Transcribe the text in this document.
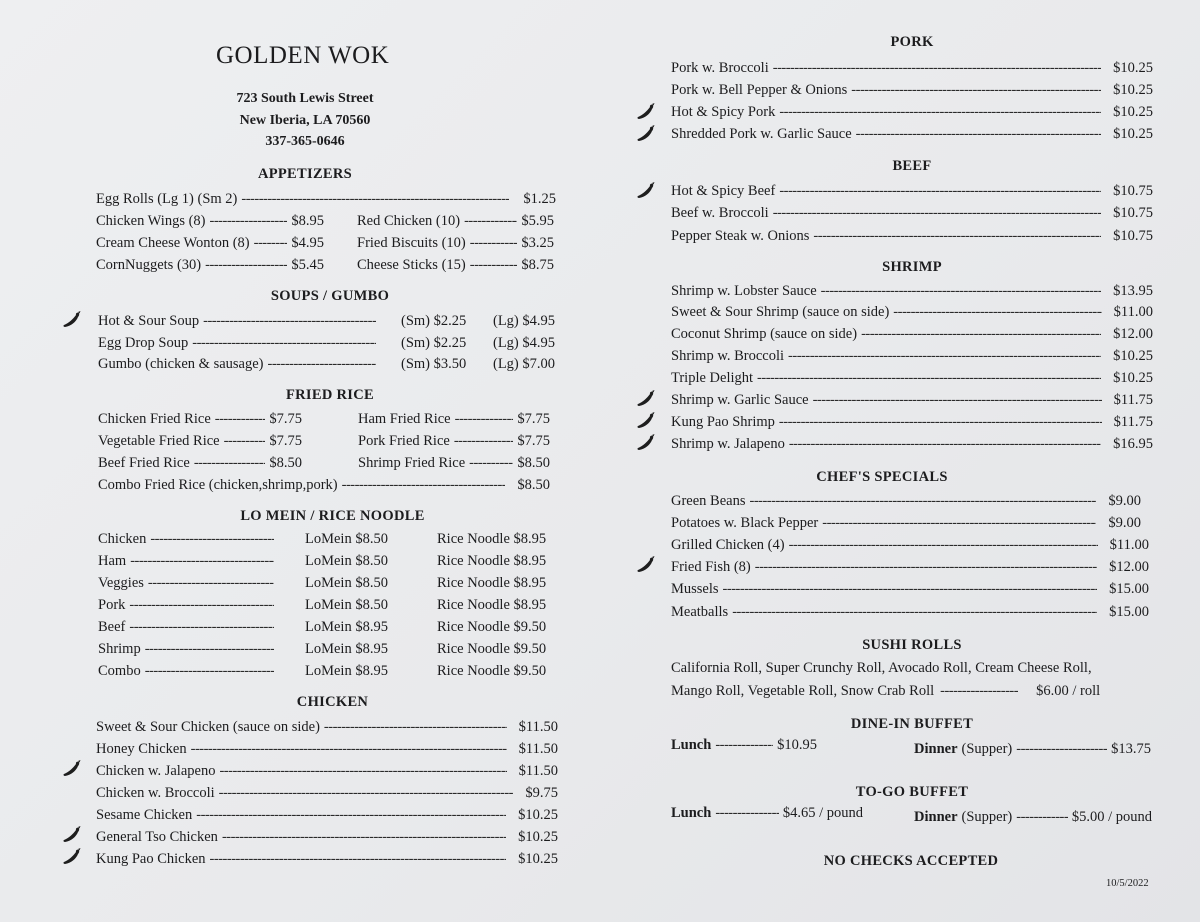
GOLDEN WOK
723 South Lewis Street
New Iberia, LA 70560
337-365-0646
APPETIZERS
Egg Rolls (Lg 1) (Sm 2) -----	$1.25
Chicken Wings (8) -----	$8.95 Red Chicken (10) -----	$5.95
Cream Cheese Wonton (8) -----	$4.95 Fried Biscuits (10) -----	$3.25
CornNuggets (30) -----	$5.45 Cheese Sticks (15) -----	$8.75
SOUPS / GUMBO
Hot & Sour Soup -----	(Sm) $2.25 (Lg) $4.95
Egg Drop Soup -----	(Sm) $2.25 (Lg) $4.95
Gumbo (chicken & sausage) -----	(Sm) $3.50 (Lg) $7.00
FRIED RICE
Chicken Fried Rice -----	$7.75	Ham Fried Rice -----	$7.75
Vegetable Fried Rice -----	$7.75	Pork Fried Rice -----	$7.75
Beef Fried Rice -----	$8.50	Shrimp Fried Rice -----	$8.50
Combo Fried Rice (chicken,shrimp,pork) -----	$8.50
LO MEIN / RICE NOODLE
Chicken -----	LoMein $8.50	Rice Noodle $8.95
Ham -----	LoMein $8.50	Rice Noodle $8.95
Veggies -----	LoMein $8.50	Rice Noodle $8.95
Pork -----	LoMein $8.50	Rice Noodle $8.95
Beef -----	LoMein $8.95	Rice Noodle $9.50
Shrimp -----	LoMein $8.95	Rice Noodle $9.50
Combo -----	LoMein $8.95	Rice Noodle $9.50
CHICKEN
Sweet & Sour Chicken (sauce on side) -----	$11.50
Honey Chicken -----	$11.50
Chicken w. Jalapeno -----	$11.50
Chicken w. Broccoli -----	$9.75
Sesame Chicken -----	$10.25
General Tso Chicken -----	$10.25
Kung Pao Chicken -----	$10.25
PORK
Pork w. Broccoli -----	$10.25
Pork w. Bell Pepper & Onions -----	$10.25
Hot & Spicy Pork -----	$10.25
Shredded Pork w. Garlic Sauce -----	$10.25
BEEF
Hot & Spicy Beef -----	$10.75
Beef w. Broccoli -----	$10.75
Pepper Steak w. Onions -----	$10.75
SHRIMP
Shrimp w. Lobster Sauce -----	$13.95
Sweet & Sour Shrimp (sauce on side) -----	$11.00
Coconut Shrimp (sauce on side) -----	$12.00
Shrimp w. Broccoli -----	$10.25
Triple Delight -----	$10.25
Shrimp w. Garlic Sauce -----	$11.75
Kung Pao Shrimp -----	$11.75
Shrimp w. Jalapeno -----	$16.95
CHEF'S SPECIALS
Green Beans -----	$9.00
Potatoes w. Black Pepper -----	$9.00
Grilled Chicken (4) -----	$11.00
Fried Fish (8) -----	$12.00
Mussels -----	$15.00
Meatballs -----	$15.00
SUSHI ROLLS
California Roll, Super Crunchy Roll, Avocado Roll, Cream Cheese Roll,
Mango Roll, Vegetable Roll, Snow Crab Roll -----	$6.00 / roll
DINE-IN BUFFET
Lunch -----	$10.95	Dinner (Supper) -----	$13.75
TO-GO BUFFET
Lunch -----	$4.65 / pound	Dinner (Supper) -----	$5.00 / pound
NO CHECKS ACCEPTED
10/5/2022
